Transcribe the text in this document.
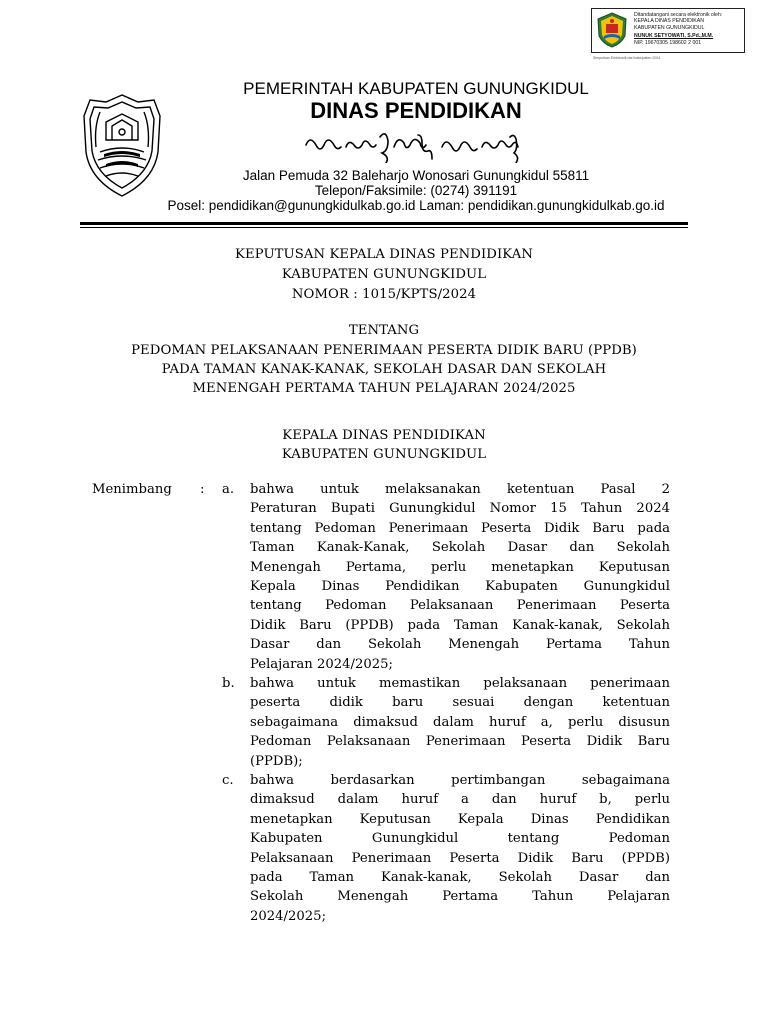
Ditandatangani secara elektronik oleh:
KEPALA DINAS PENDIDIKAN
KABUPATEN GUNUNGKIDUL
NUNUK SETYOWATI, S.Pd.,M.M.
NIP. 19670305 198602 2 001
Simpulkan Elektronik dari kabupaten 2024
PEMERINTAH KABUPATEN GUNUNGKIDUL
DINAS PENDIDIKAN
Jalan Pemuda 32 Baleharjo Wonosari Gunungkidul 55811
Telepon/Faksimile: (0274) 391191
Posel: pendidikan@gunungkidulkab.go.id Laman: pendidikan.gunungkidulkab.go.id
KEPUTUSAN KEPALA DINAS PENDIDIKAN
KABUPATEN GUNUNGKIDUL
NOMOR : 1015/KPTS/2024
TENTANG
PEDOMAN PELAKSANAAN PENERIMAAN PESERTA DIDIK BARU (PPDB)
PADA TAMAN KANAK-KANAK, SEKOLAH DASAR DAN SEKOLAH
MENENGAH PERTAMA TAHUN PELAJARAN 2024/2025
KEPALA DINAS PENDIDIKAN
KABUPATEN GUNUNGKIDUL
Menimbang : a. bahwa untuk melaksanakan ketentuan Pasal 2
Peraturan Bupati Gunungkidul Nomor 15 Tahun 2024
tentang Pedoman Penerimaan Peserta Didik Baru pada
Taman Kanak-Kanak, Sekolah Dasar dan Sekolah
Menengah Pertama, perlu menetapkan Keputusan
Kepala Dinas Pendidikan Kabupaten Gunungkidul
tentang Pedoman Pelaksanaan Penerimaan Peserta
Didik Baru (PPDB) pada Taman Kanak-kanak, Sekolah
Dasar dan Sekolah Menengah Pertama Tahun
Pelajaran 2024/2025;
b. bahwa untuk memastikan pelaksanaan penerimaan
peserta didik baru sesuai dengan ketentuan
sebagaimana dimaksud dalam huruf a, perlu disusun
Pedoman Pelaksanaan Penerimaan Peserta Didik Baru
(PPDB);
c. bahwa berdasarkan pertimbangan sebagaimana
dimaksud dalam huruf a dan huruf b, perlu
menetapkan Keputusan Kepala Dinas Pendidikan
Kabupaten Gunungkidul tentang Pedoman
Pelaksanaan Penerimaan Peserta Didik Baru (PPDB)
pada Taman Kanak-kanak, Sekolah Dasar dan
Sekolah Menengah Pertama Tahun Pelajaran
2024/2025;
